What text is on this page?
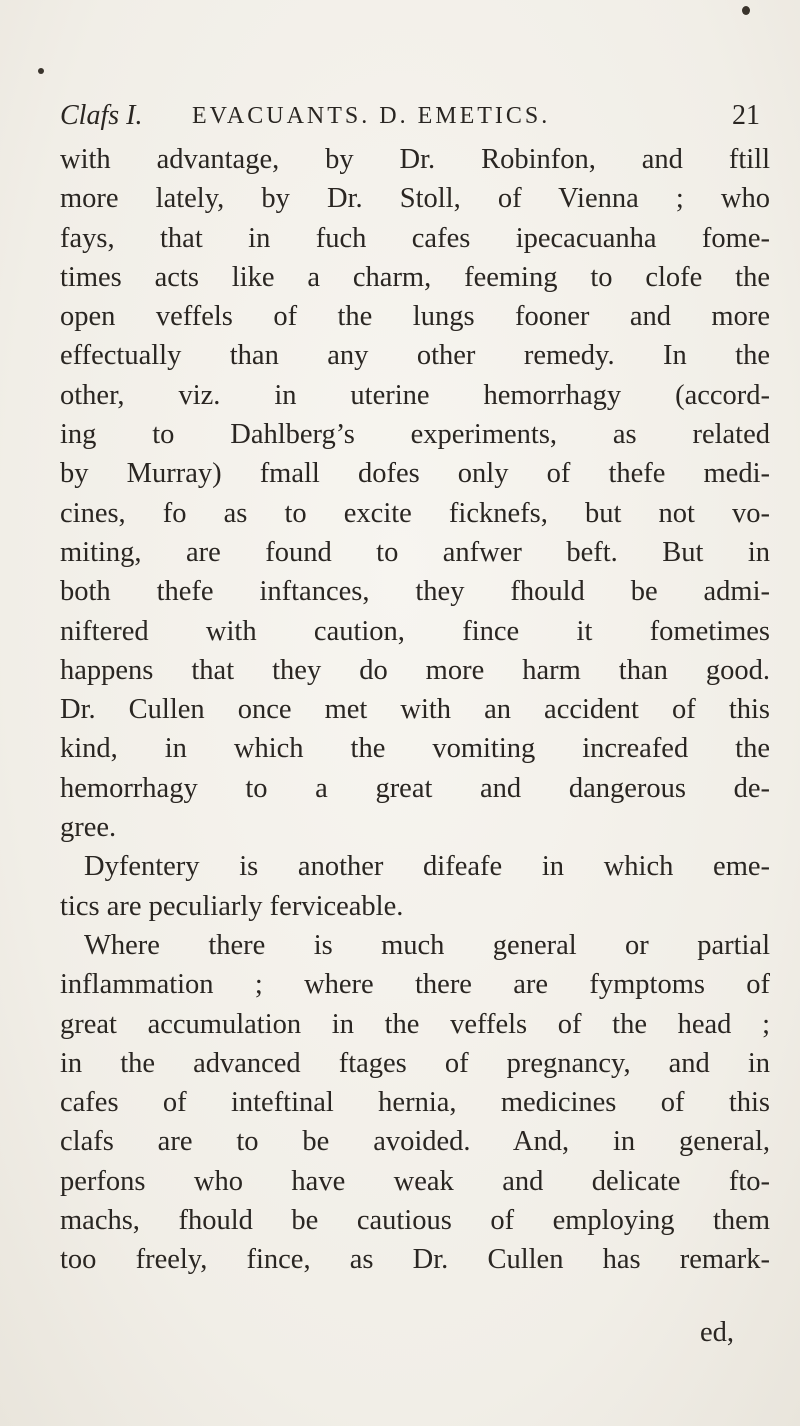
Clafs I. EVACUANTS. D. EMETICS.	21
with advantage, by Dr. Robinfon, and ftill
more lately, by Dr. Stoll, of Vienna ; who
fays, that in fuch cafes ipecacuanha fome-
times acts like a charm, feeming to clofe the
open veffels of the lungs fooner and more
effectually than any other remedy. In the
other, viz. in uterine hemorrhagy (accord-
ing to Dahlberg’s experiments, as related
by Murray) fmall dofes only of thefe medi-
cines, fo as to excite ficknefs, but not vo-
miting, are found to anfwer beft. But in
both thefe inftances, they fhould be admi-
niftered with caution, fince it fometimes
happens that they do more harm than good.
Dr. Cullen once met with an accident of this
kind, in which the vomiting increafed the
hemorrhagy to a great and dangerous de-
gree.
Dyfentery is another difeafe in which eme-
tics are peculiarly ferviceable.
Where there is much general or partial
inflammation ; where there are fymptoms of
great accumulation in the veffels of the head ;
in the advanced ftages of pregnancy, and in
cafes of inteftinal hernia, medicines of this
clafs are to be avoided. And, in general,
perfons who have weak and delicate fto-
machs, fhould be cautious of employing them
too freely, fince, as Dr. Cullen has remark-
ed,
